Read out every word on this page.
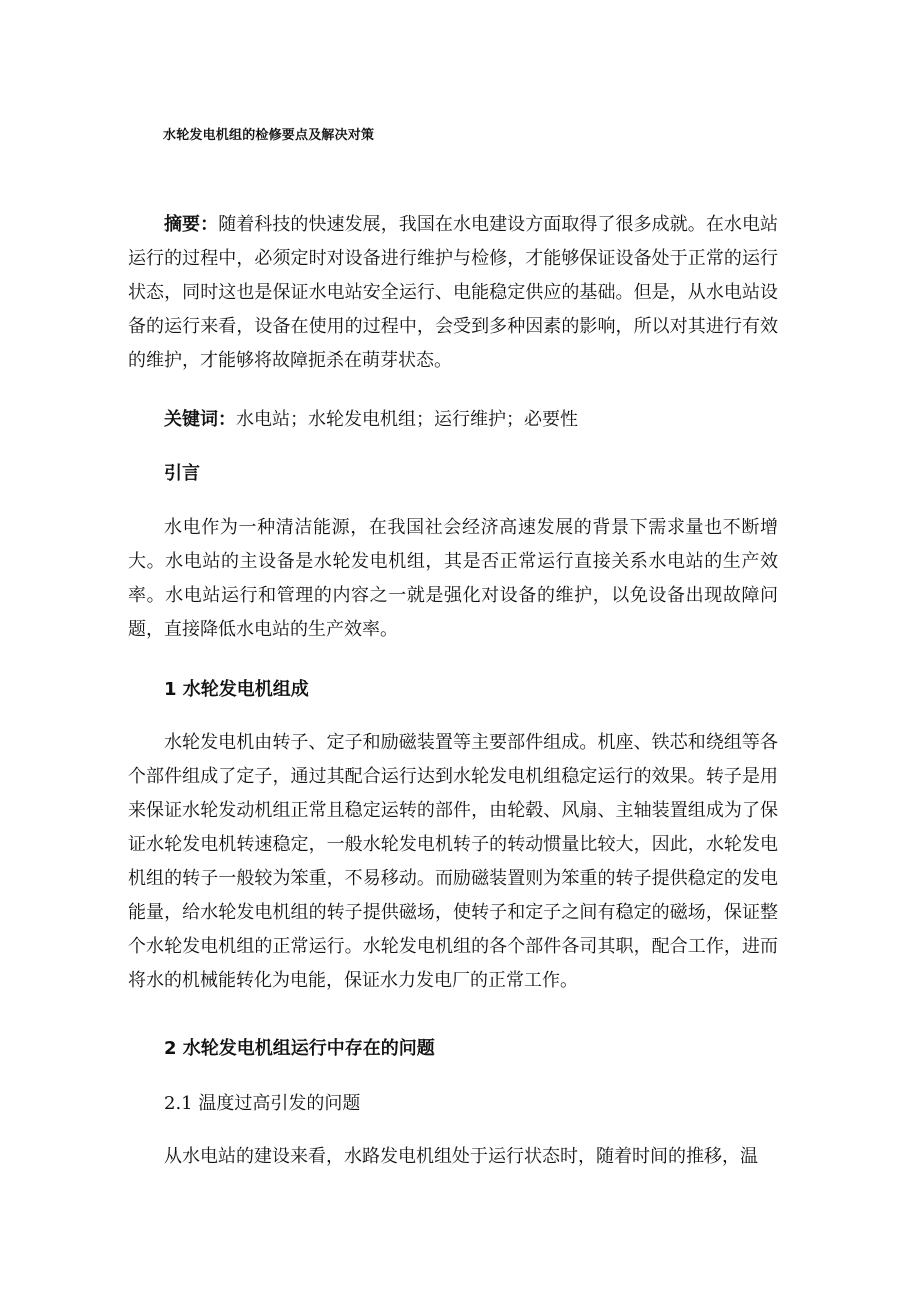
水轮发电机组的检修要点及解决对策

摘要：随着科技的快速发展，我国在水电建设方面取得了很多成就。在水电站运行的过程中，必须定时对设备进行维护与检修，才能够保证设备处于正常的运行状态，同时这也是保证水电站安全运行、电能稳定供应的基础。但是，从水电站设备的运行来看，设备在使用的过程中，会受到多种因素的影响，所以对其进行有效的维护，才能够将故障扼杀在萌芽状态。

关键词：水电站；水轮发电机组；运行维护；必要性

引言

水电作为一种清洁能源，在我国社会经济高速发展的背景下需求量也不断增大。水电站的主设备是水轮发电机组，其是否正常运行直接关系水电站的生产效率。水电站运行和管理的内容之一就是强化对设备的维护，以免设备出现故障问题，直接降低水电站的生产效率。

1 水轮发电机组成

水轮发电机由转子、定子和励磁装置等主要部件组成。机座、铁芯和绕组等各个部件组成了定子，通过其配合运行达到水轮发电机组稳定运行的效果。转子是用来保证水轮发动机组正常且稳定运转的部件，由轮毂、风扇、主轴装置组成为了保证水轮发电机转速稳定，一般水轮发电机转子的转动惯量比较大，因此，水轮发电机组的转子一般较为笨重，不易移动。而励磁装置则为笨重的转子提供稳定的发电能量，给水轮发电机组的转子提供磁场，使转子和定子之间有稳定的磁场，保证整个水轮发电机组的正常运行。水轮发电机组的各个部件各司其职，配合工作，进而将水的机械能转化为电能，保证水力发电厂的正常工作。

2 水轮发电机组运行中存在的问题

2.1 温度过高引发的问题

从水电站的建设来看，水路发电机组处于运行状态时，随着时间的推移，温
